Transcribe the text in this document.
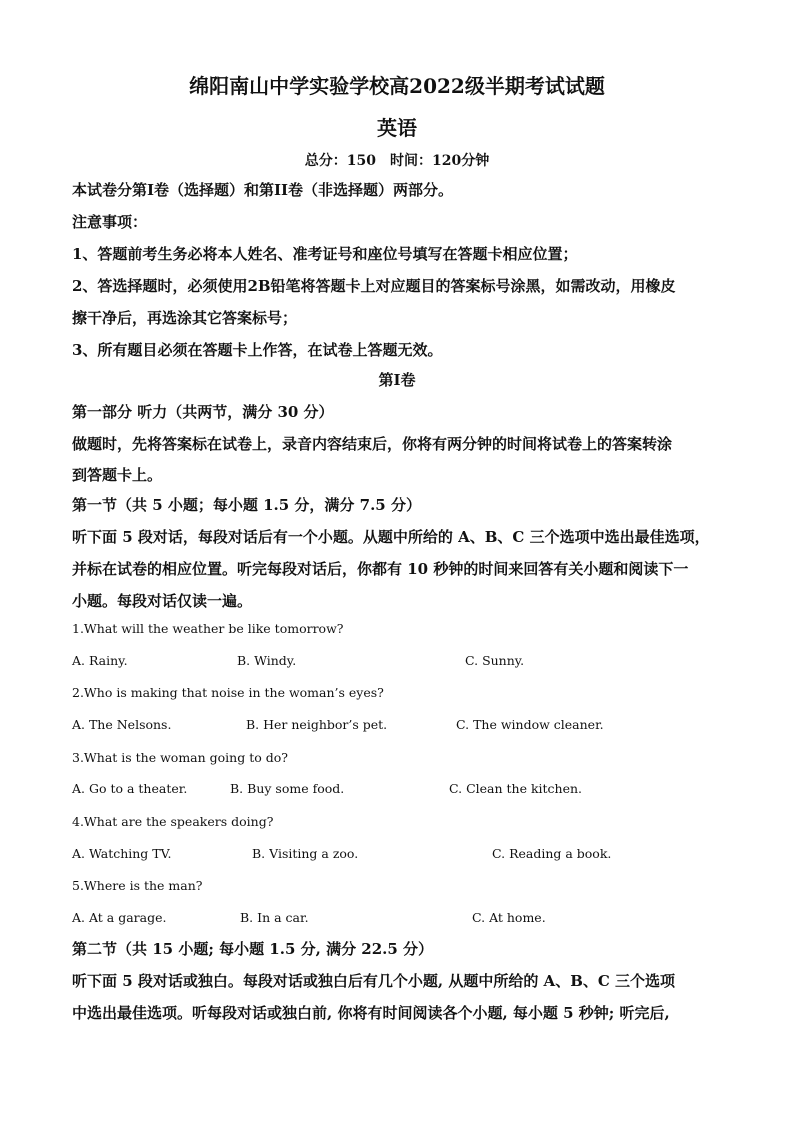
绵阳南山中学实验学校高2022级半期考试试题
英语
总分：150　时间：120分钟
本试卷分第I卷（选择题）和第II卷（非选择题）两部分。
注意事项：
1、答题前考生务必将本人姓名、准考证号和座位号填写在答题卡相应位置；
2、答选择题时，必须使用2B铅笔将答题卡上对应题目的答案标号涂黑，如需改动，用橡皮
擦干净后，再选涂其它答案标号；
3、所有题目必须在答题卡上作答，在试卷上答题无效。
第I卷
第一部分 听力（共两节，满分 30 分）
做题时，先将答案标在试卷上，录音内容结束后，你将有两分钟的时间将试卷上的答案转涂
到答题卡上。
第一节（共 5 小题；每小题 1.5 分，满分 7.5 分）
听下面 5 段对话，每段对话后有一个小题。从题中所给的 A、B、C 三个选项中选出最佳选项，
并标在试卷的相应位置。听完每段对话后，你都有 10 秒钟的时间来回答有关小题和阅读下一
小题。每段对话仅读一遍。
1.What will the weather be like tomorrow?
A. Rainy.	B. Windy.	C. Sunny.
2.Who is making that noise in the woman’s eyes?
A. The Nelsons.	B. Her neighbor’s pet.	C. The window cleaner.
3.What is the woman going to do?
A. Go to a theater.	B. Buy some food.	C. Clean the kitchen.
4.What are the speakers doing?
A. Watching TV.	B. Visiting a zoo.	C. Reading a book.
5.Where is the man?
A. At a garage.	B. In a car.	C. At home.
第二节（共 15 小题; 每小题 1.5 分, 满分 22.5 分）
听下面 5 段对话或独白。每段对话或独白后有几个小题, 从题中所给的 A、B、C 三个选项
中选出最佳选项。听每段对话或独白前, 你将有时间阅读各个小题, 每小题 5 秒钟; 听完后,
